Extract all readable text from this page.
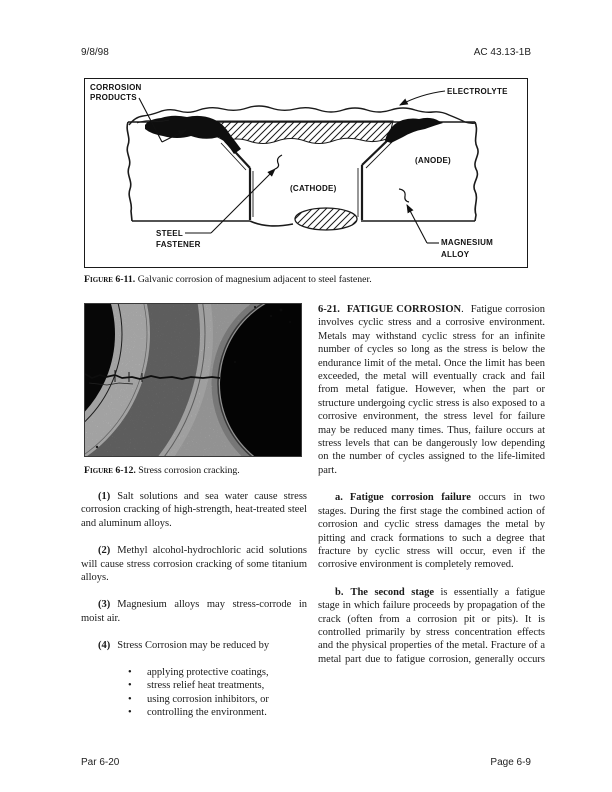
9/8/98	AC 43.13-1B
CORROSION
PRODUCTS
ELECTROLYTE
(ANODE)
(CATHODE)
STEEL
FASTENER	MAGNESIUM
ALLOY
Figure 6-11. Galvanic corrosion of magnesium adjacent to steel fastener.
Figure 6-12. Stress corrosion cracking.

(1) Salt solutions and sea water cause stress corrosion cracking of high-strength, heat-treated steel and aluminum alloys.

(2) Methyl alcohol-hydrochloric acid solutions will cause stress corrosion cracking of some titanium alloys.

(3) Magnesium alloys may stress-corrode in moist air.

(4) Stress Corrosion may be reduced by

•	applying protective coatings,
•	stress relief heat treatments,
•	using corrosion inhibitors, or
•	controlling the environment.

6-21. FATIGUE CORROSION. Fatigue corrosion involves cyclic stress and a corrosive environment. Metals may withstand cyclic stress for an infinite number of cycles so long as the stress is below the endurance limit of the metal. Once the limit has been exceeded, the metal will eventually crack and fail from metal fatigue. However, when the part or structure undergoing cyclic stress is also exposed to a corrosive environment, the stress level for failure may be reduced many times. Thus, failure occurs at stress levels that can be dangerously low depending on the number of cycles assigned to the life-limited part.

a. Fatigue corrosion failure occurs in two stages. During the first stage the combined action of corrosion and cyclic stress damages the metal by pitting and crack formations to such a degree that fracture by cyclic stress will occur, even if the corrosive environment is completely removed.

b. The second stage is essentially a fatigue stage in which failure proceeds by propagation of the crack (often from a corrosion pit or pits). It is controlled primarily by stress concentration effects and the physical properties of the metal. Fracture of a metal part due to fatigue corrosion, generally occurs

Par 6-20	Page 6-9
